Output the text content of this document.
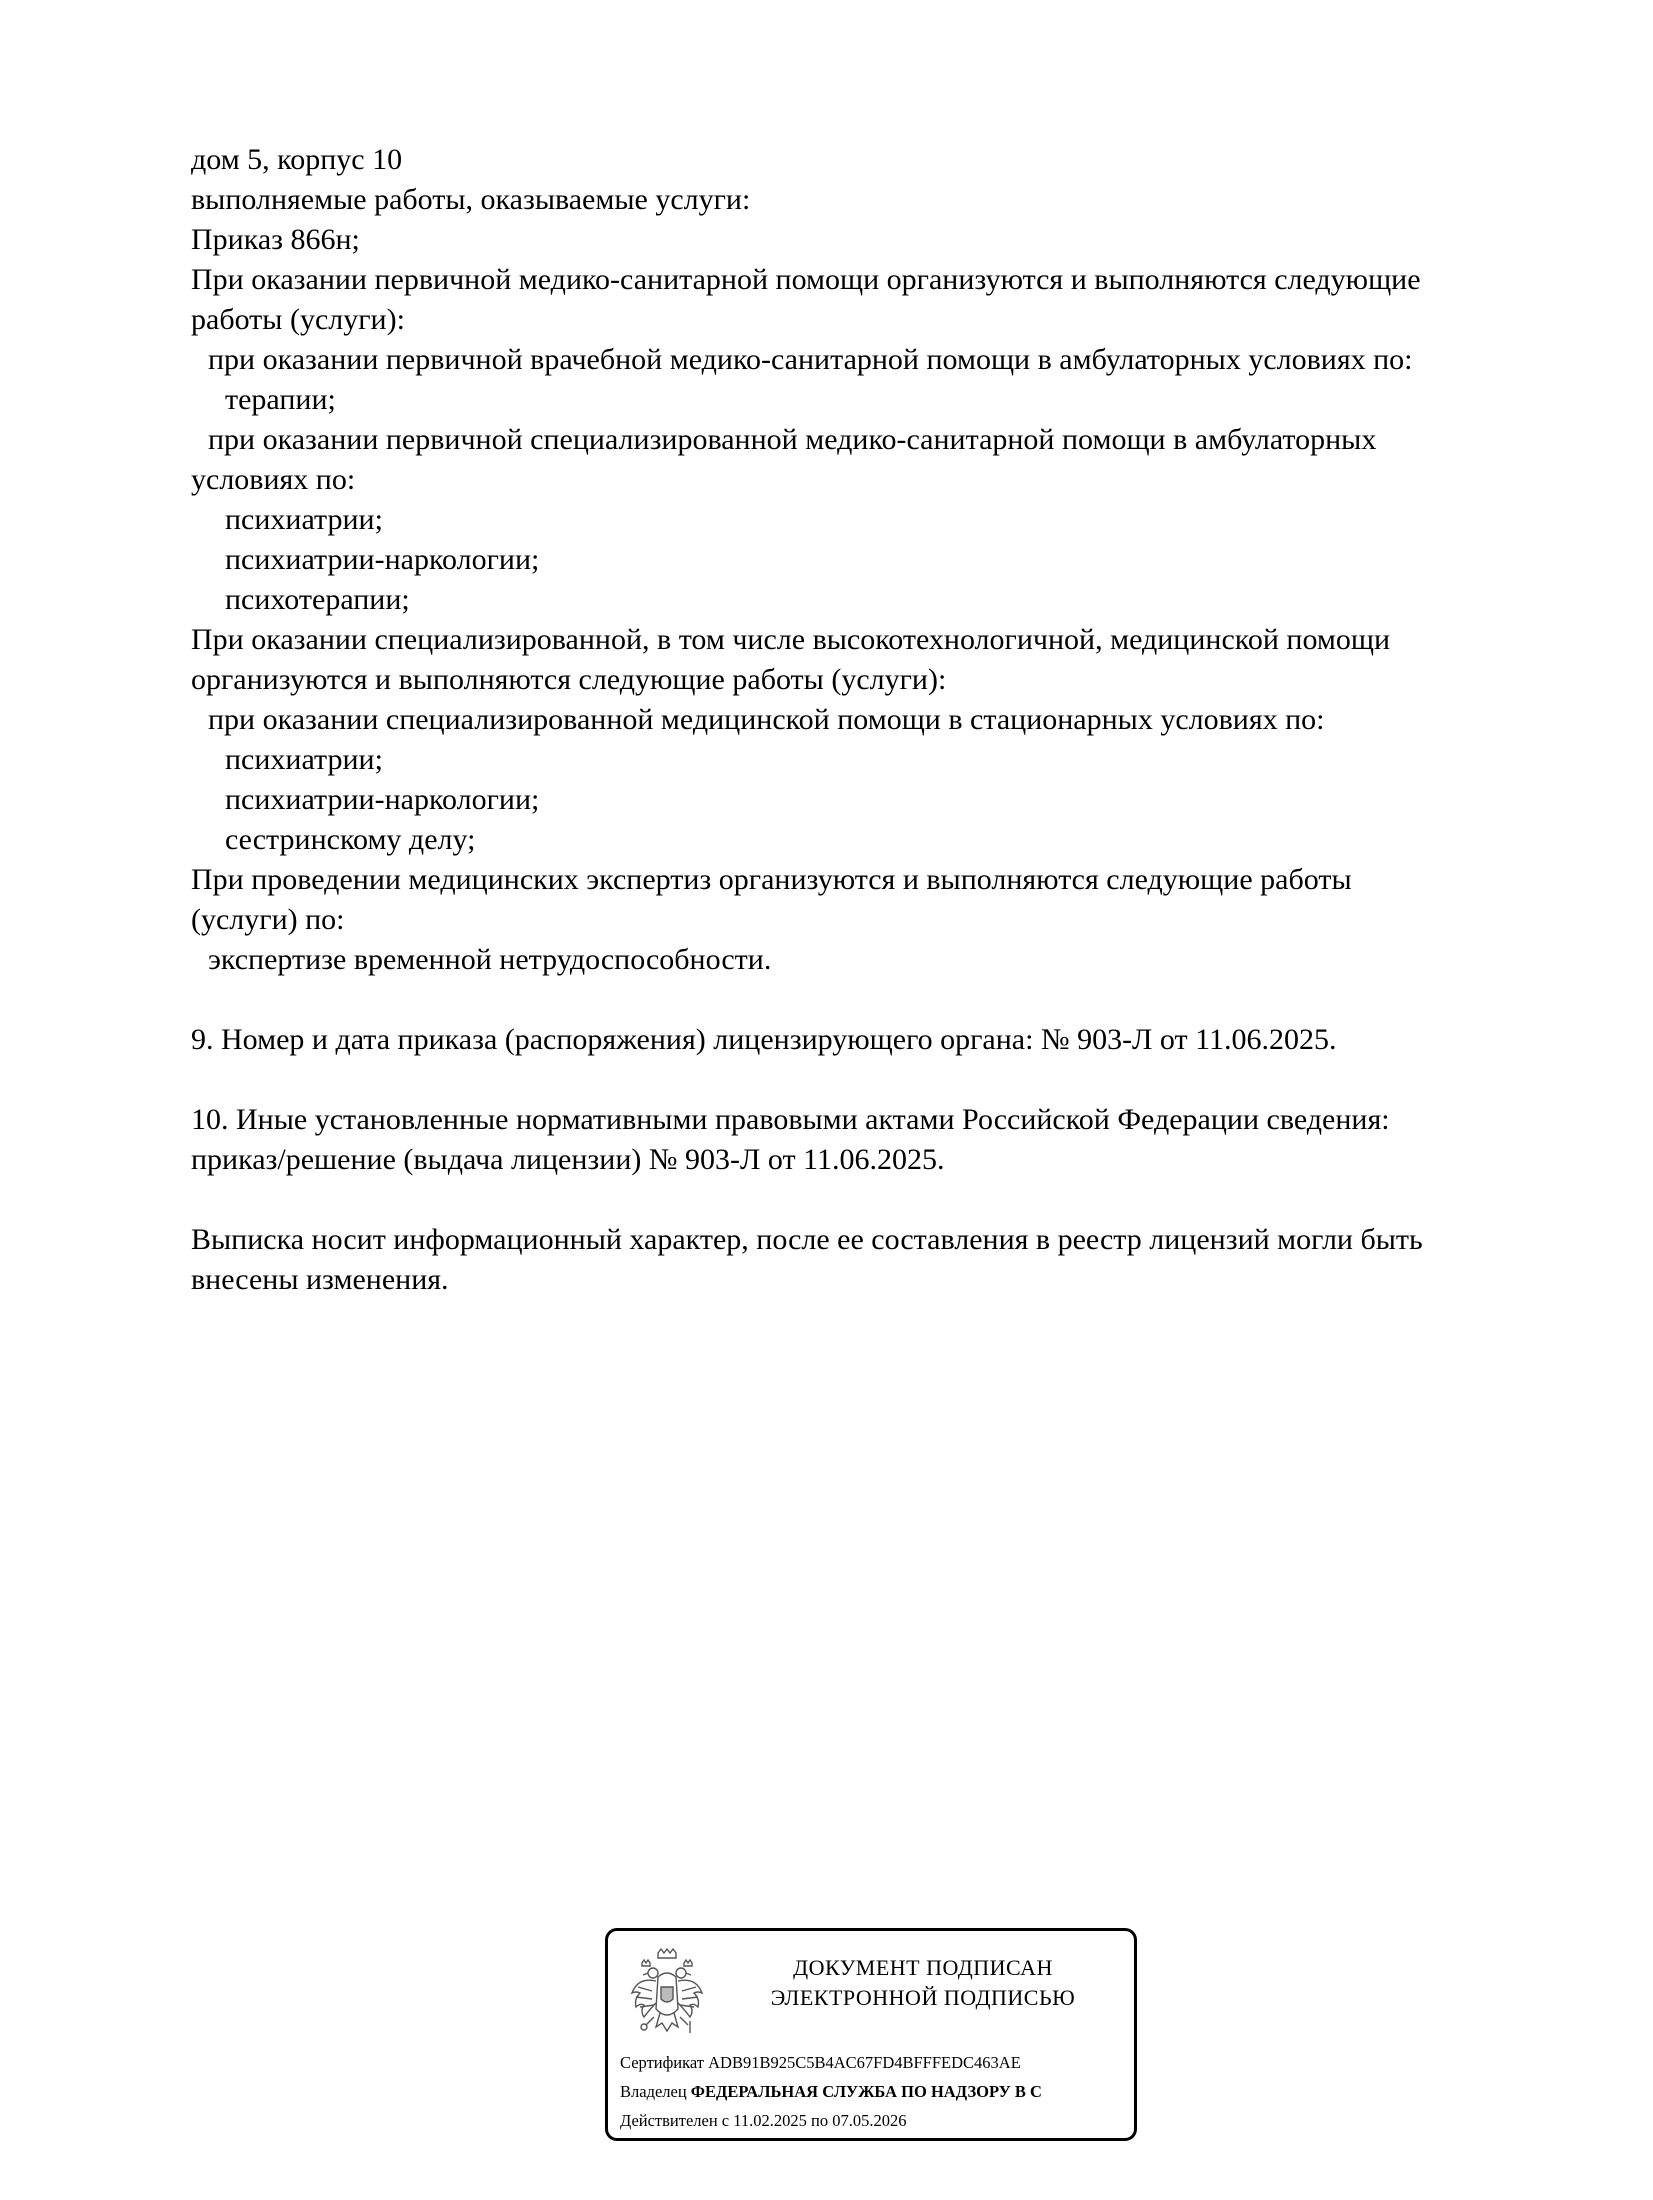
дом 5, корпус 10
выполняемые работы, оказываемые услуги:
Приказ 866н;
При оказании первичной медико-санитарной помощи организуются и выполняются следующие
работы (услуги):
при оказании первичной врачебной медико-санитарной помощи в амбулаторных условиях по:
терапии;
при оказании первичной специализированной медико-санитарной помощи в амбулаторных
условиях по:
психиатрии;
психиатрии-наркологии;
психотерапии;
При оказании специализированной, в том числе высокотехнологичной, медицинской помощи
организуются и выполняются следующие работы (услуги):
при оказании специализированной медицинской помощи в стационарных условиях по:
психиатрии;
психиатрии-наркологии;
сестринскому делу;
При проведении медицинских экспертиз организуются и выполняются следующие работы
(услуги) по:
экспертизе временной нетрудоспособности.
9. Номер и дата приказа (распоряжения) лицензирующего органа: № 903-Л от 11.06.2025.
10. Иные установленные нормативными правовыми актами Российской Федерации сведения:
приказ/решение (выдача лицензии) № 903-Л от 11.06.2025.
Выписка носит информационный характер, после ее составления в реестр лицензий могли быть
внесены изменения.
ДОКУМЕНТ ПОДПИСАН
ЭЛЕКТРОННОЙ ПОДПИСЬЮ
Сертификат ADB91B925C5B4AC67FD4BFFFEDC463AE
Владелец ФЕДЕРАЛЬНАЯ СЛУЖБА ПО НАДЗОРУ В С
Действителен с 11.02.2025 по 07.05.2026
